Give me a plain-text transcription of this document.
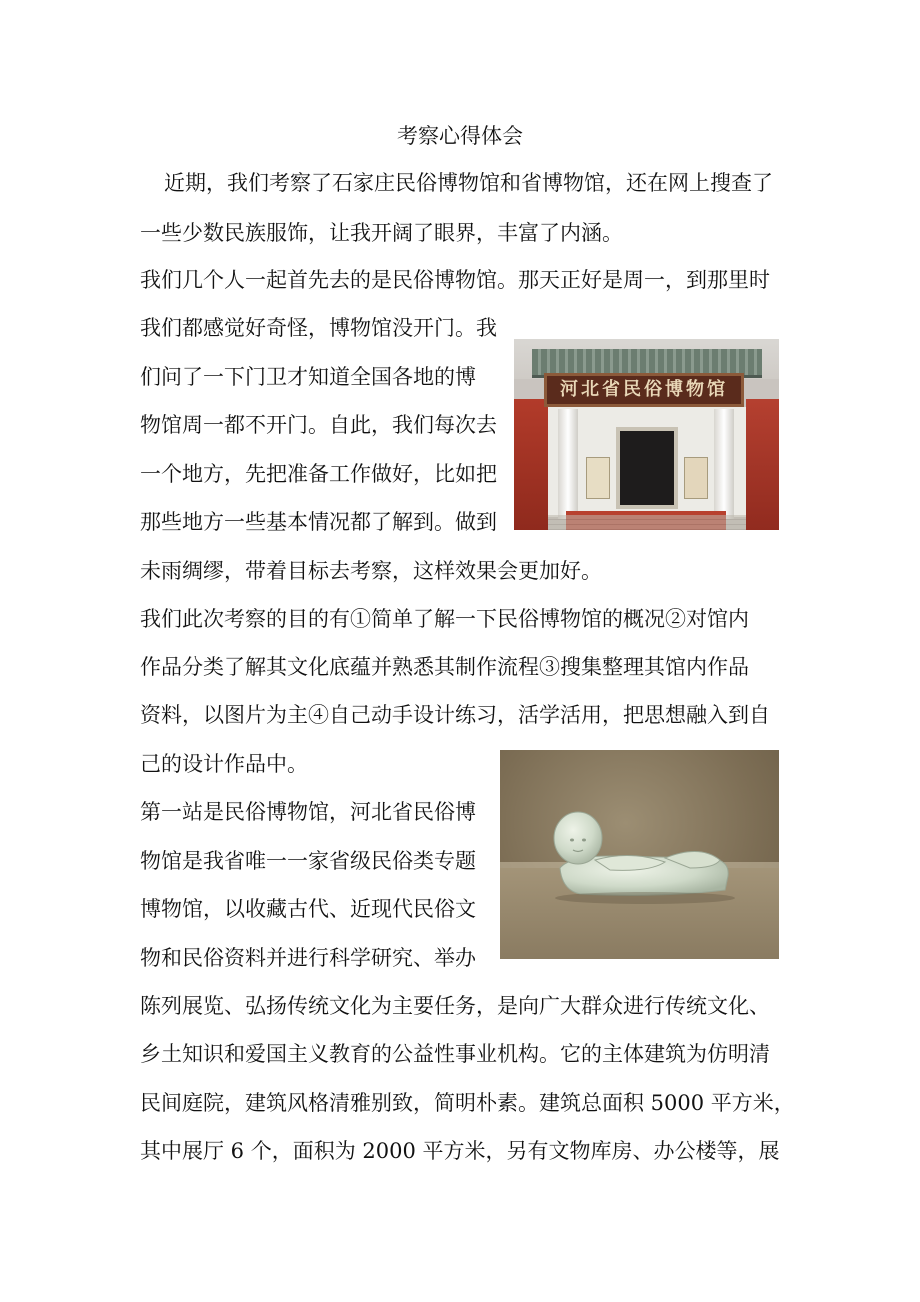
考察心得体会
近期，我们考察了石家庄民俗博物馆和省博物馆，还在网上搜查了
一些少数民族服饰，让我开阔了眼界，丰富了内涵。
我们几个人一起首先去的是民俗博物馆。那天正好是周一，到那里时
我们都感觉好奇怪，博物馆没开门。我
们问了一下门卫才知道全国各地的博
物馆周一都不开门。自此，我们每次去
一个地方，先把准备工作做好，比如把
那些地方一些基本情况都了解到。做到
未雨绸缪，带着目标去考察，这样效果会更加好。
我们此次考察的目的有①简单了解一下民俗博物馆的概况②对馆内
作品分类了解其文化底蕴并熟悉其制作流程③搜集整理其馆内作品
资料，以图片为主④自己动手设计练习，活学活用，把思想融入到自
己的设计作品中。
第一站是民俗博物馆，河北省民俗博
物馆是我省唯一一家省级民俗类专题
博物馆，以收藏古代、近现代民俗文
物和民俗资料并进行科学研究、举办
陈列展览、弘扬传统文化为主要任务，是向广大群众进行传统文化、
乡土知识和爱国主义教育的公益性事业机构。它的主体建筑为仿明清
民间庭院，建筑风格清雅别致，简明朴素。建筑总面积 5000 平方米，
其中展厅 6 个，面积为 2000 平方米，另有文物库房、办公楼等，展
河北省民俗博物馆
